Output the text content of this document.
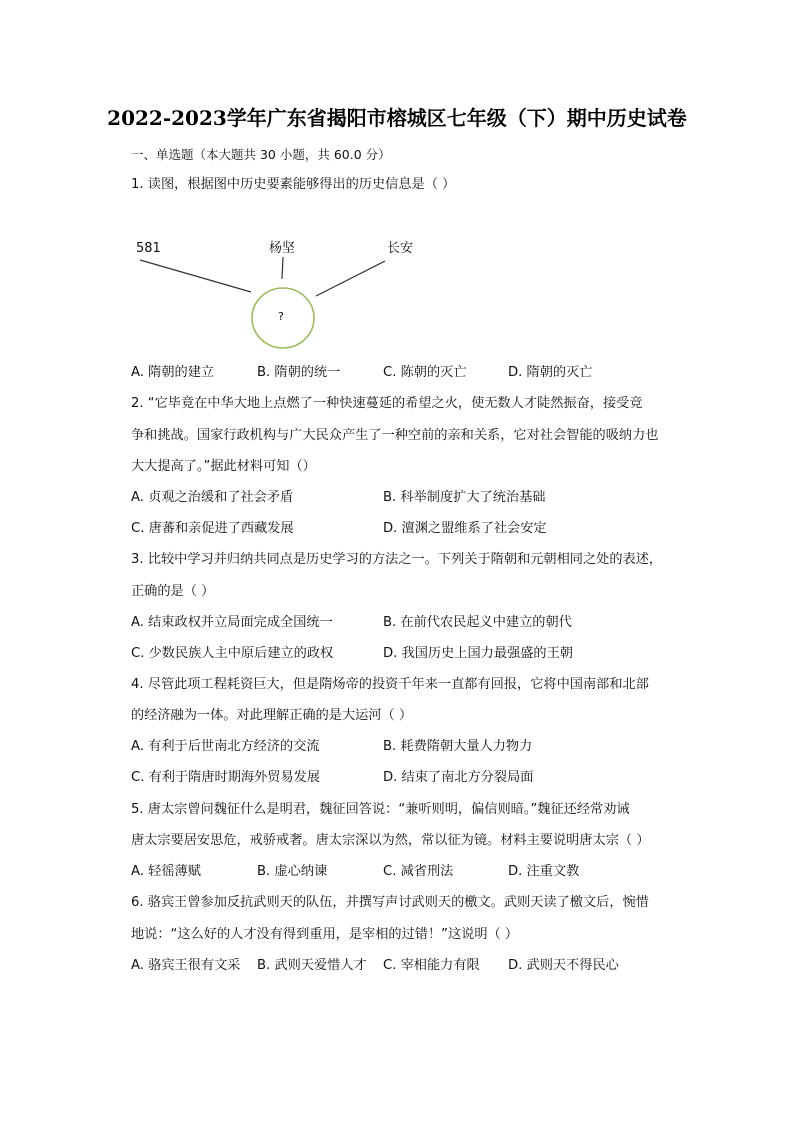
2022-2023学年广东省揭阳市榕城区七年级（下）期中历史试卷
一、单选题（本大题共 30 小题，共 60.0 分）
1. 读图，根据图中历史要素能够得出的历史信息是（ ）
581	杨坚	长安
?
A. 隋朝的建立	B. 隋朝的统一	C. 陈朝的灭亡	D. 隋朝的灭亡
2. “它毕竟在中华大地上点燃了一种快速蔓延的希望之火，使无数人才陡然振奋，接受竞
争和挑战。国家行政机构与广大民众产生了一种空前的亲和关系，它对社会智能的吸纳力也
大大提高了。”据此材料可知（）
A. 贞观之治缓和了社会矛盾	B. 科举制度扩大了统治基础
C. 唐蕃和亲促进了西藏发展	D. 澶渊之盟维系了社会安定
3. 比较中学习并归纳共同点是历史学习的方法之一。下列关于隋朝和元朝相同之处的表述，
正确的是（ ）
A. 结束政权并立局面完成全国统一	B. 在前代农民起义中建立的朝代
C. 少数民族人主中原后建立的政权	D. 我国历史上国力最强盛的王朝
4. 尽管此项工程耗资巨大，但是隋炀帝的投资千年来一直都有回报，它将中国南部和北部
的经济融为一体。对此理解正确的是大运河（ ）
A. 有利于后世南北方经济的交流	B. 耗费隋朝大量人力物力
C. 有利于隋唐时期海外贸易发展	D. 结束了南北方分裂局面
5. 唐太宗曾问魏征什么是明君，魏征回答说：“兼听则明，偏信则暗。”魏征还经常劝诫
唐太宗要居安思危，戒骄戒奢。唐太宗深以为然，常以征为镜。材料主要说明唐太宗（ ）
A. 轻徭薄赋	B. 虚心纳谏	C. 减省刑法	D. 注重文教
6. 骆宾王曾参加反抗武则天的队伍，并撰写声讨武则天的檄文。武则天读了檄文后，惋惜
地说：“这么好的人才没有得到重用，是宰相的过错！”这说明（ ）
A. 骆宾王很有文采 B. 武则天爱惜人才 C. 宰相能力有限 D. 武则天不得民心
